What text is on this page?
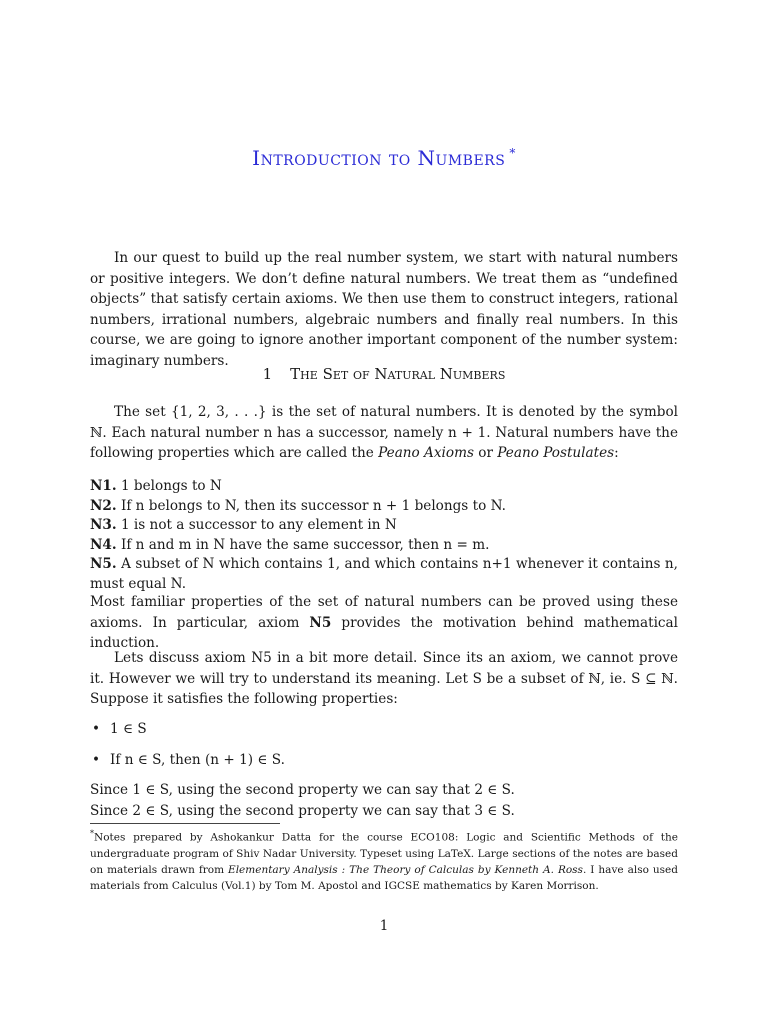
Introduction to Numbers *

In our quest to build up the real number system, we start with natural numbers or positive integers. We don’t define natural numbers. We treat them as “undefined objects” that satisfy certain axioms. We then use them to construct integers, rational numbers, irrational numbers, algebraic numbers and finally real numbers. In this course, we are going to ignore another important component of the number system: imaginary numbers.

1 The Set of Natural Numbers

The set {1, 2, 3, . . .} is the set of natural numbers. It is denoted by the symbol ℕ. Each natural number n has a successor, namely n + 1. Natural numbers have the following properties which are called the Peano Axioms or Peano Postulates:

N1. 1 belongs to N

N2. If n belongs to N, then its successor n + 1 belongs to N.

N3. 1 is not a successor to any element in N

N4. If n and m in N have the same successor, then n = m.

N5. A subset of N which contains 1, and which contains n+1 whenever it contains n, must equal N.

Most familiar properties of the set of natural numbers can be proved using these axioms. In particular, axiom N5 provides the motivation behind mathematical induction.

Lets discuss axiom N5 in a bit more detail. Since its an axiom, we cannot prove it. However we will try to understand its meaning. Let S be a subset of ℕ, ie. S ⊆ ℕ. Suppose it satisfies the following properties:

• 1 ∈ S

• If n ∈ S, then (n + 1) ∈ S.

Since 1 ∈ S, using the second property we can say that 2 ∈ S.

Since 2 ∈ S, using the second property we can say that 3 ∈ S.

*Notes prepared by Ashokankur Datta for the course ECO108: Logic and Scientific Methods of the undergraduate program of Shiv Nadar University. Typeset using LaTeX. Large sections of the notes are based on materials drawn from Elementary Analysis : The Theory of Calculas by Kenneth A. Ross. I have also used materials from Calculus (Vol.1) by Tom M. Apostol and IGCSE mathematics by Karen Morrison.
1
